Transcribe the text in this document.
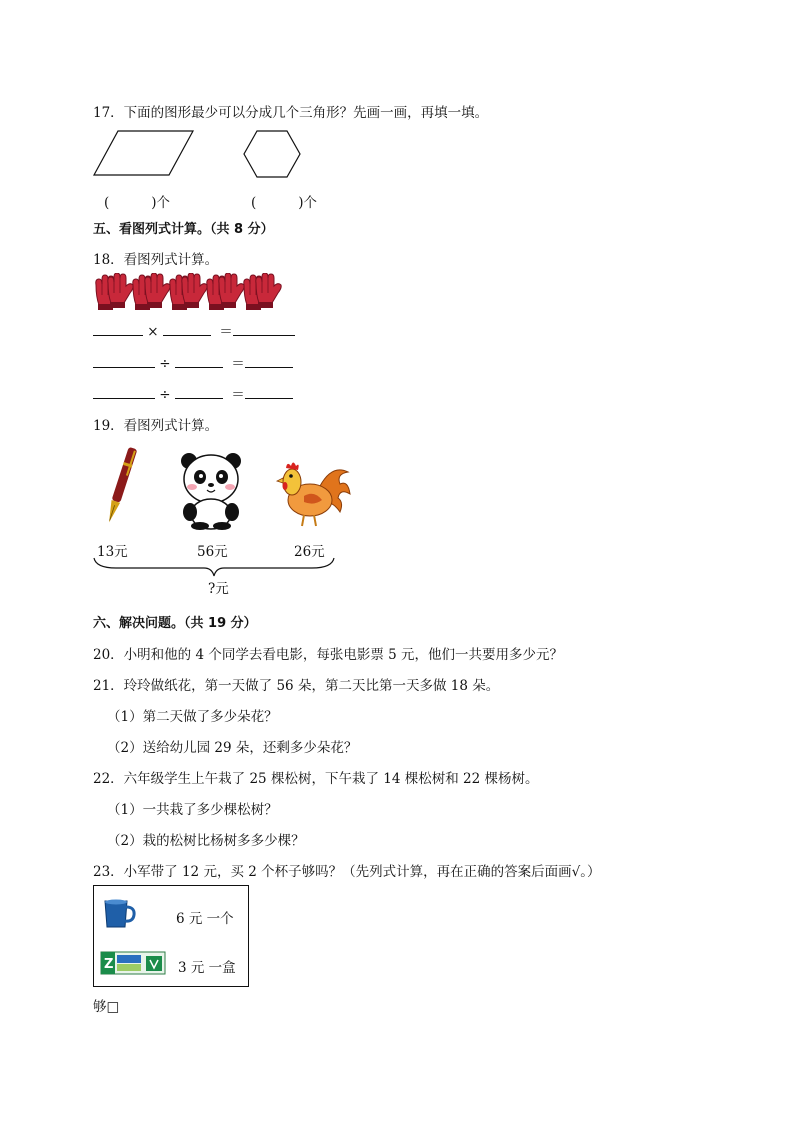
17．下面的图形最少可以分成几个三角形？先画一画，再填一填。
(	)个	(	)个
五、看图列式计算。（共 8 分）
18．看图列式计算。
×	＝
÷	＝
÷	＝
19．看图列式计算。
13元	56元	26元
?元
六、解决问题。（共 19 分）
20．小明和他的 4 个同学去看电影，每张电影票 5 元，他们一共要用多少元？
21．玲玲做纸花，第一天做了 56 朵，第二天比第一天多做 18 朵。
（1）第二天做了多少朵花？
（2）送给幼儿园 29 朵，还剩多少朵花？
22．六年级学生上午栽了 25 棵松树，下午栽了 14 棵松树和 22 棵杨树。
（1）一共栽了多少棵松树？
（2）栽的松树比杨树多多少棵？
23．小军带了 12 元，买 2 个杯子够吗？（先列式计算，再在正确的答案后面画√。）
6 元 一个
Z	3 元 一盒
够□
